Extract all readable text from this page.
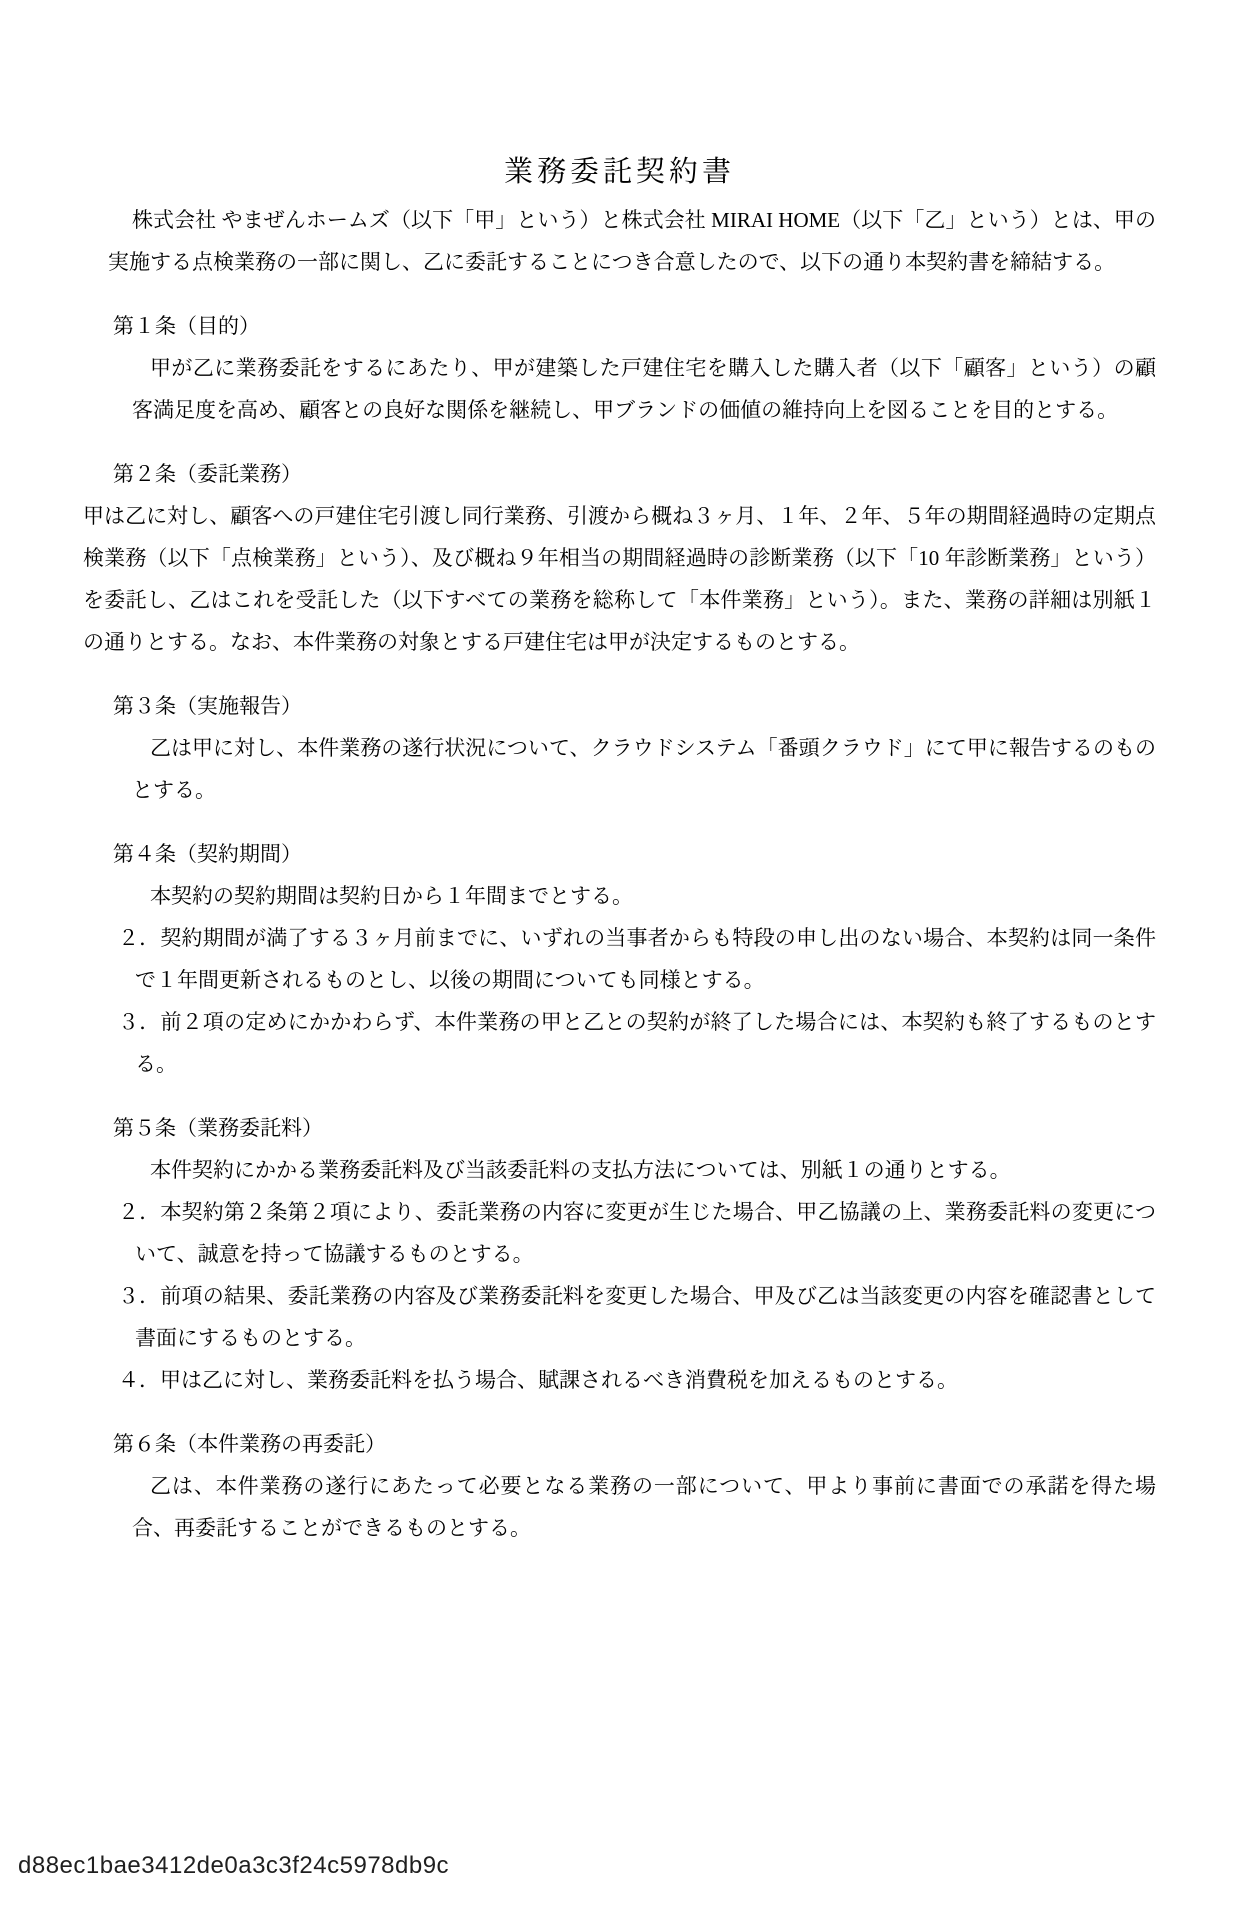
業務委託契約書

株式会社 やまぜんホームズ（以下「甲」という）と株式会社 MIRAI HOME（以下「乙」という）とは、甲の実施する点検業務の一部に関し、乙に委託することにつき合意したので、以下の通り本契約書を締結する。

第１条（目的）

甲が乙に業務委託をするにあたり、甲が建築した戸建住宅を購入した購入者（以下「顧客」という）の顧客満足度を高め、顧客との良好な関係を継続し、甲ブランドの価値の維持向上を図ることを目的とする。

第２条（委託業務）

甲は乙に対し、顧客への戸建住宅引渡し同行業務、引渡から概ね３ヶ月、１年、２年、５年の期間経過時の定期点検業務（以下「点検業務」という）、及び概ね９年相当の期間経過時の診断業務（以下「10 年診断業務」という）を委託し、乙はこれを受託した（以下すべての業務を総称して「本件業務」という）。また、業務の詳細は別紙１の通りとする。なお、本件業務の対象とする戸建住宅は甲が決定するものとする。

第３条（実施報告）

乙は甲に対し、本件業務の遂行状況について、クラウドシステム「番頭クラウド」にて甲に報告するのものとする。

第４条（契約期間）

本契約の契約期間は契約日から１年間までとする。

２．契約期間が満了する３ヶ月前までに、いずれの当事者からも特段の申し出のない場合、本契約は同一条件で１年間更新されるものとし、以後の期間についても同様とする。

３．前２項の定めにかかわらず、本件業務の甲と乙との契約が終了した場合には、本契約も終了するものとする。

第５条（業務委託料）

本件契約にかかる業務委託料及び当該委託料の支払方法については、別紙１の通りとする。

２．本契約第２条第２項により、委託業務の内容に変更が生じた場合、甲乙協議の上、業務委託料の変更について、誠意を持って協議するものとする。

３．前項の結果、委託業務の内容及び業務委託料を変更した場合、甲及び乙は当該変更の内容を確認書として書面にするものとする。

４．甲は乙に対し、業務委託料を払う場合、賦課されるべき消費税を加えるものとする。

第６条（本件業務の再委託）

乙は、本件業務の遂行にあたって必要となる業務の一部について、甲より事前に書面での承諾を得た場合、再委託することができるものとする。

d88ec1bae3412de0a3c3f24c5978db9c
